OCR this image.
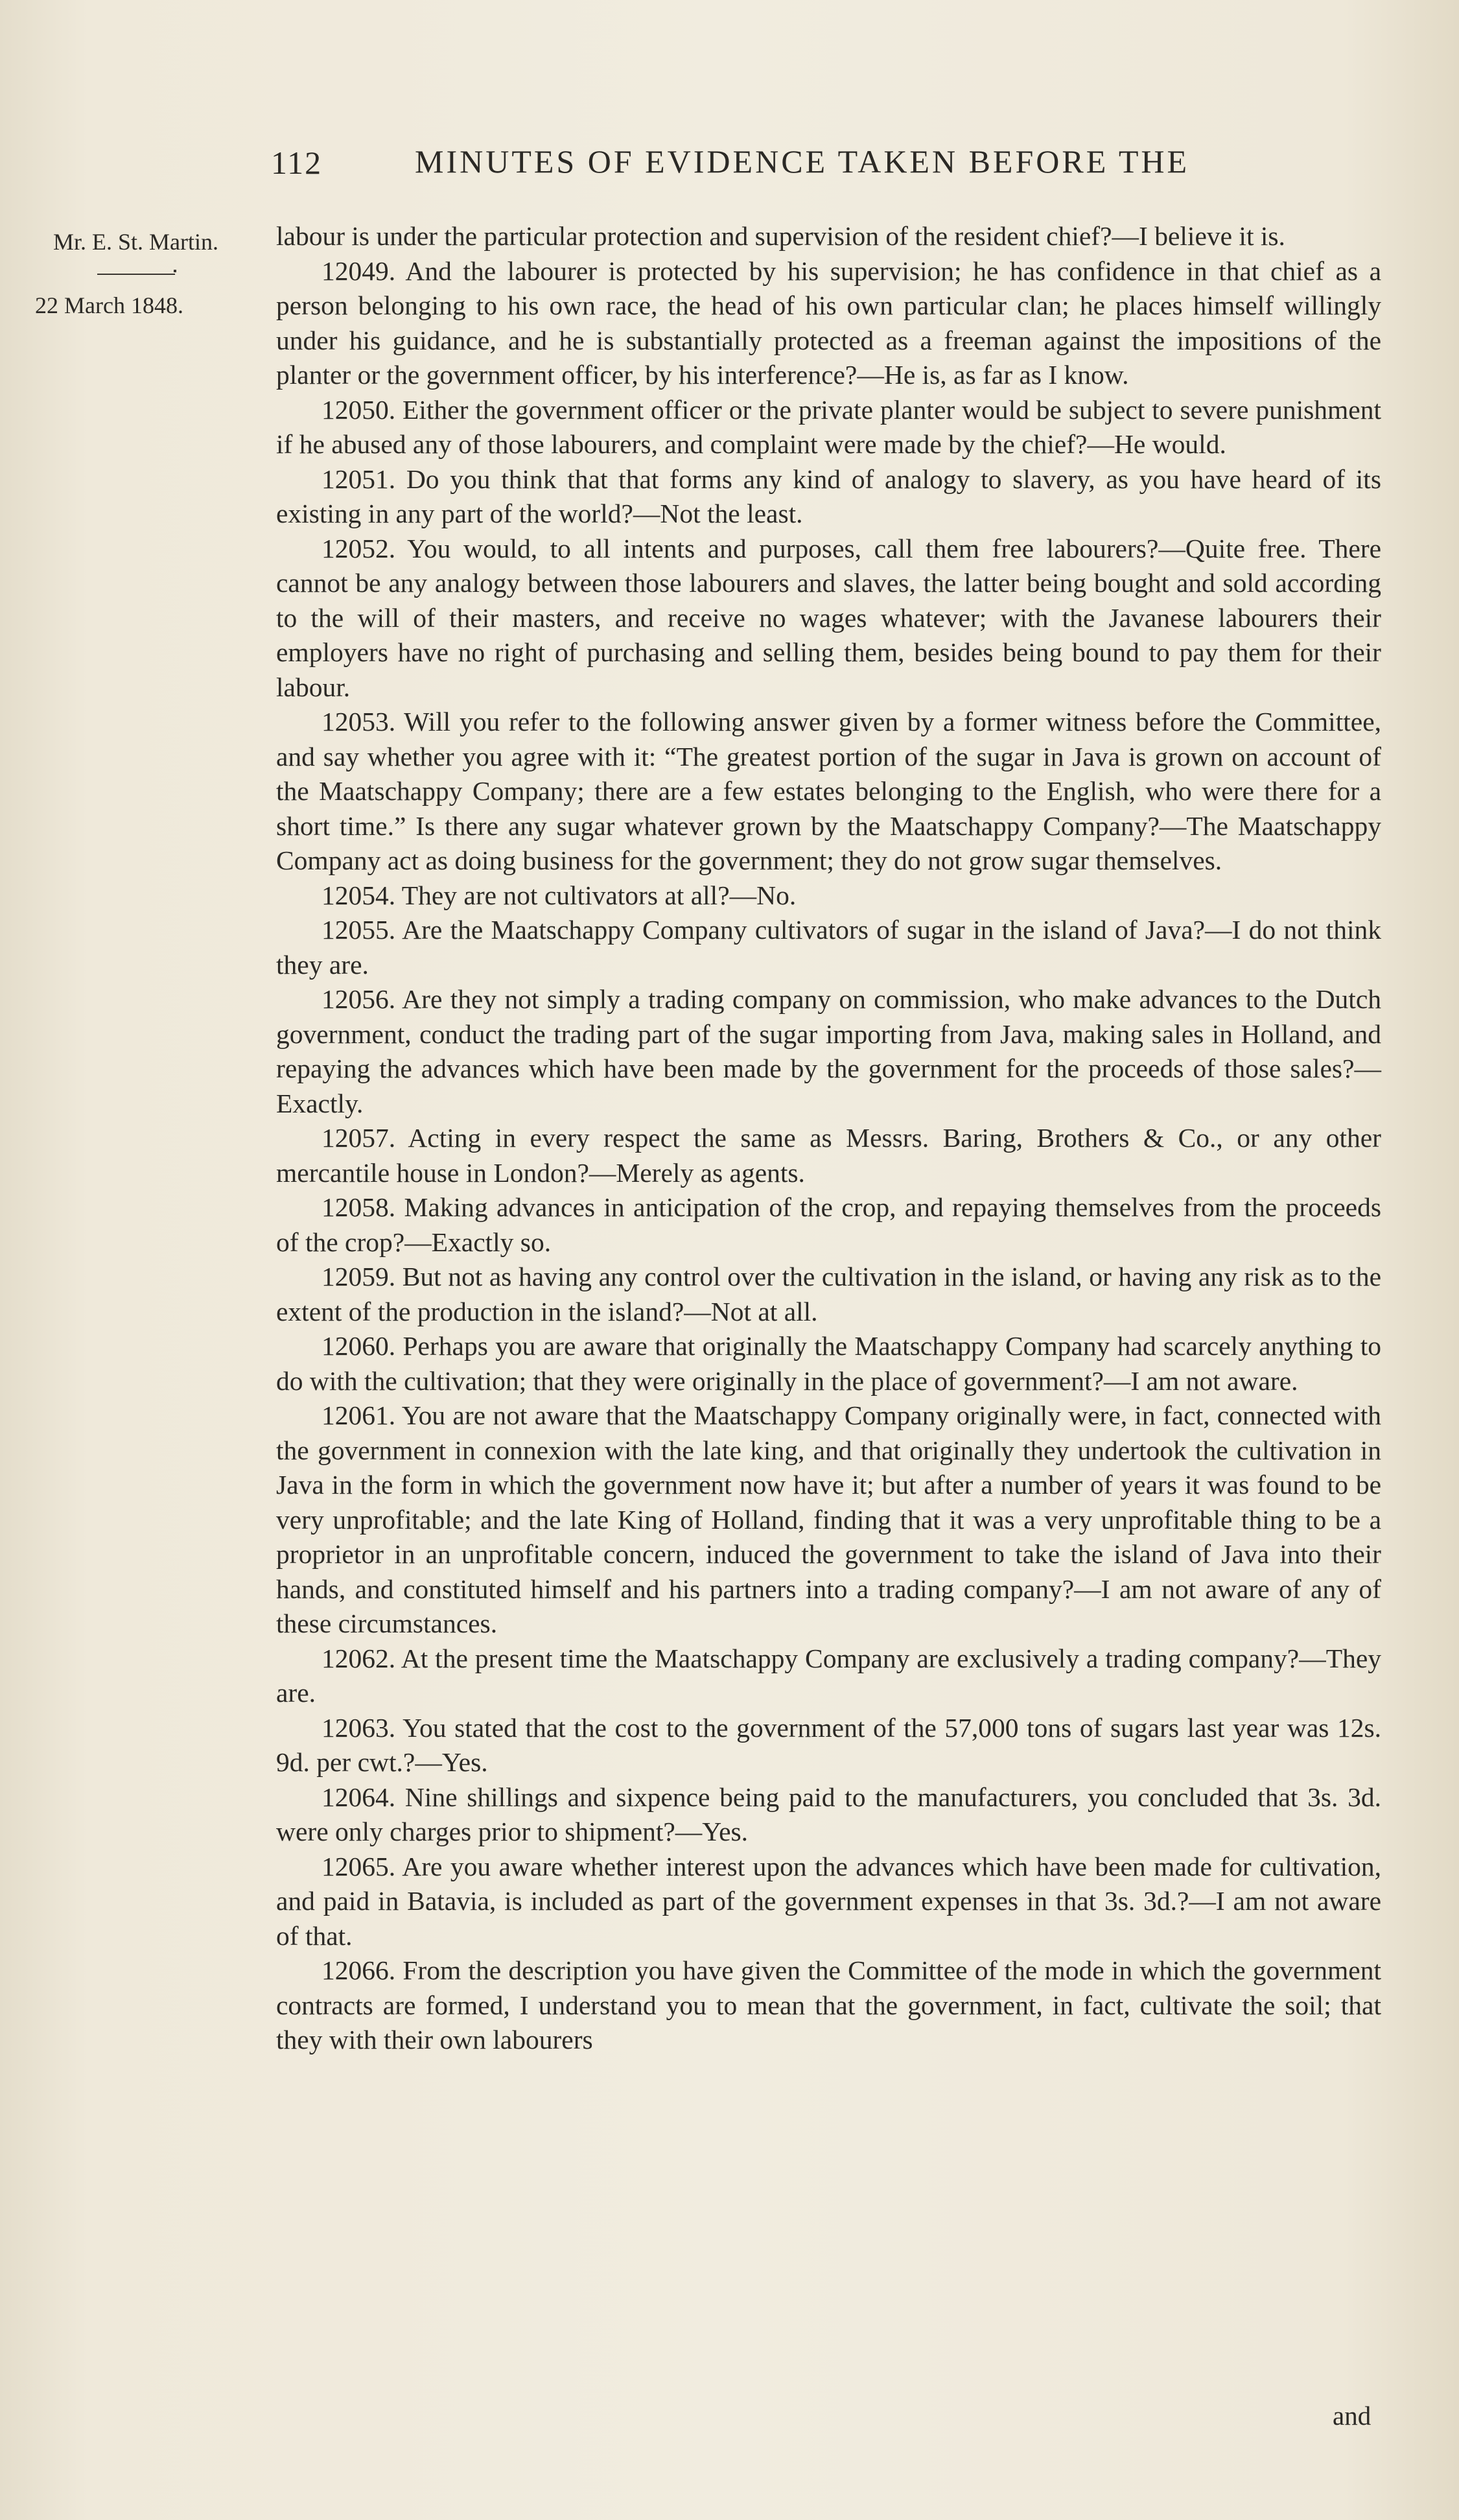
112	MINUTES OF EVIDENCE TAKEN BEFORE THE
Mr. E. St. Martin.
22 March 1848.

labour is under the particular protection and supervision of the resident chief?—I believe it is.

12049. And the labourer is protected by his supervision; he has confidence in that chief as a person belonging to his own race, the head of his own particular clan; he places himself willingly under his guidance, and he is substantially protected as a freeman against the impositions of the planter or the government officer, by his interference?—He is, as far as I know.

12050. Either the government officer or the private planter would be subject to severe punishment if he abused any of those labourers, and complaint were made by the chief?—He would.

12051. Do you think that that forms any kind of analogy to slavery, as you have heard of its existing in any part of the world?—Not the least.

12052. You would, to all intents and purposes, call them free labourers?—Quite free. There cannot be any analogy between those labourers and slaves, the latter being bought and sold according to the will of their masters, and receive no wages whatever; with the Javanese labourers their employers have no right of purchasing and selling them, besides being bound to pay them for their labour.

12053. Will you refer to the following answer given by a former witness before the Committee, and say whether you agree with it: “The greatest portion of the sugar in Java is grown on account of the Maatschappy Company; there are a few estates belonging to the English, who were there for a short time.” Is there any sugar whatever grown by the Maatschappy Company?—The Maatschappy Company act as doing business for the government; they do not grow sugar themselves.

12054. They are not cultivators at all?—No.

12055. Are the Maatschappy Company cultivators of sugar in the island of Java?—I do not think they are.

12056. Are they not simply a trading company on commission, who make advances to the Dutch government, conduct the trading part of the sugar importing from Java, making sales in Holland, and repaying the advances which have been made by the government for the proceeds of those sales?—Exactly.

12057. Acting in every respect the same as Messrs. Baring, Brothers & Co., or any other mercantile house in London?—Merely as agents.

12058. Making advances in anticipation of the crop, and repaying themselves from the proceeds of the crop?—Exactly so.

12059. But not as having any control over the cultivation in the island, or having any risk as to the extent of the production in the island?—Not at all.

12060. Perhaps you are aware that originally the Maatschappy Company had scarcely anything to do with the cultivation; that they were originally in the place of government?—I am not aware.

12061. You are not aware that the Maatschappy Company originally were, in fact, connected with the government in connexion with the late king, and that originally they undertook the cultivation in Java in the form in which the government now have it; but after a number of years it was found to be very unprofitable; and the late King of Holland, finding that it was a very unprofitable thing to be a proprietor in an unprofitable concern, induced the government to take the island of Java into their hands, and constituted himself and his partners into a trading company?—I am not aware of any of these circumstances.

12062. At the present time the Maatschappy Company are exclusively a trading company?—They are.

12063. You stated that the cost to the government of the 57,000 tons of sugars last year was 12s. 9d. per cwt.?—Yes.

12064. Nine shillings and sixpence being paid to the manufacturers, you concluded that 3s. 3d. were only charges prior to shipment?—Yes.

12065. Are you aware whether interest upon the advances which have been made for cultivation, and paid in Batavia, is included as part of the government expenses in that 3s. 3d.?—I am not aware of that.

12066. From the description you have given the Committee of the mode in which the government contracts are formed, I understand you to mean that the government, in fact, cultivate the soil; that they with their own labourers

and
